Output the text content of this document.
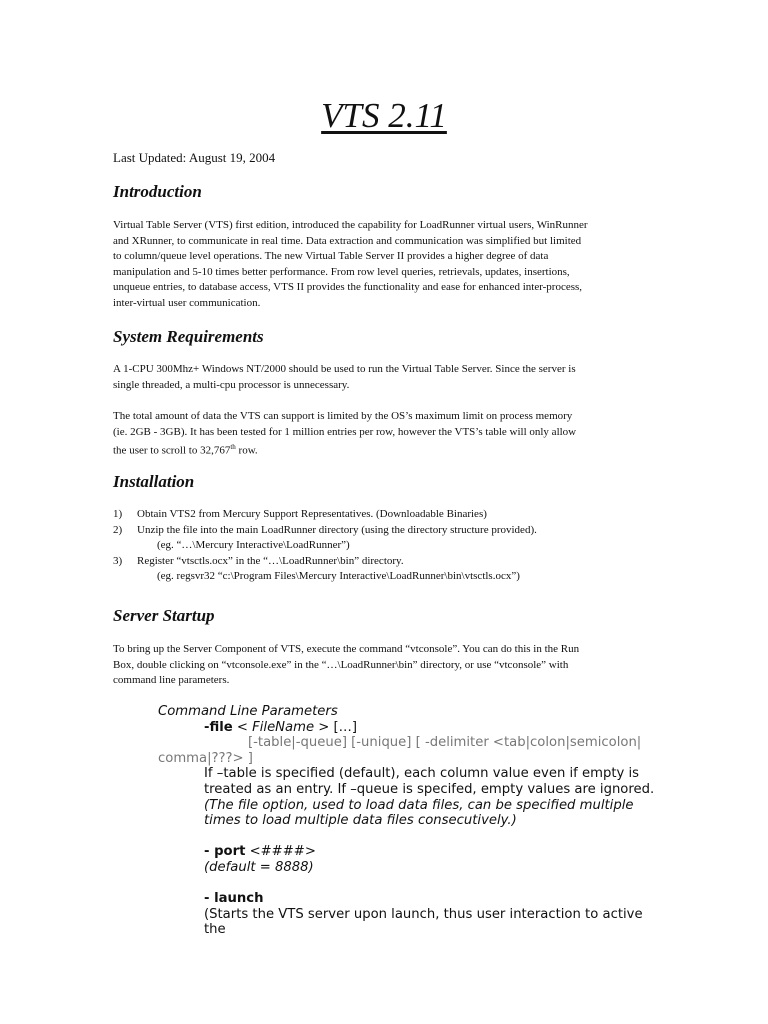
VTS 2.11

Last Updated: August 19, 2004

Introduction

Virtual Table Server (VTS) first edition, introduced the capability for LoadRunner virtual users, WinRunner
and XRunner, to communicate in real time. Data extraction and communication was simplified but limited
to column/queue level operations. The new Virtual Table Server II provides a higher degree of data
manipulation and 5-10 times better performance. From row level queries, retrievals, updates, insertions,
unqueue entries, to database access, VTS II provides the functionality and ease for enhanced inter-process,
inter-virtual user communication.

System Requirements

A 1-CPU 300Mhz+ Windows NT/2000 should be used to run the Virtual Table Server. Since the server is
single threaded, a multi-cpu processor is unnecessary.

The total amount of data the VTS can support is limited by the OS’s maximum limit on process memory
(ie. 2GB - 3GB). It has been tested for 1 million entries per row, however the VTS’s table will only allow
the user to scroll to 32,767th row.

Installation
1) Obtain VTS2 from Mercury Support Representatives. (Downloadable Binaries)
2) Unzip the file into the main LoadRunner directory (using the directory structure provided).
(eg. “…\Mercury Interactive\LoadRunner”)
3) Register “vtsctls.ocx” in the “…\LoadRunner\bin” directory.
(eg. regsvr32 “c:\Program Files\Mercury Interactive\LoadRunner\bin\vtsctls.ocx”)
Server Startup

To bring up the Server Component of VTS, execute the command “vtconsole”. You can do this in the Run
Box, double clicking on “vtconsole.exe” in the “…\LoadRunner\bin” directory, or use “vtconsole” with
command line parameters.

Command Line Parameters
-file < FileName > […]
[-table|-queue] [-unique] [ -delimiter <tab|colon|semicolon|
comma|???> ]
If –table is specified (default), each column value even if empty is
treated as an entry. If –queue is specifed, empty values are ignored.
(The file option, used to load data files, can be specified multiple
times to load multiple data files consecutively.)
- port <####>
(default = 8888)
- launch
(Starts the VTS server upon launch, thus user interaction to active the
